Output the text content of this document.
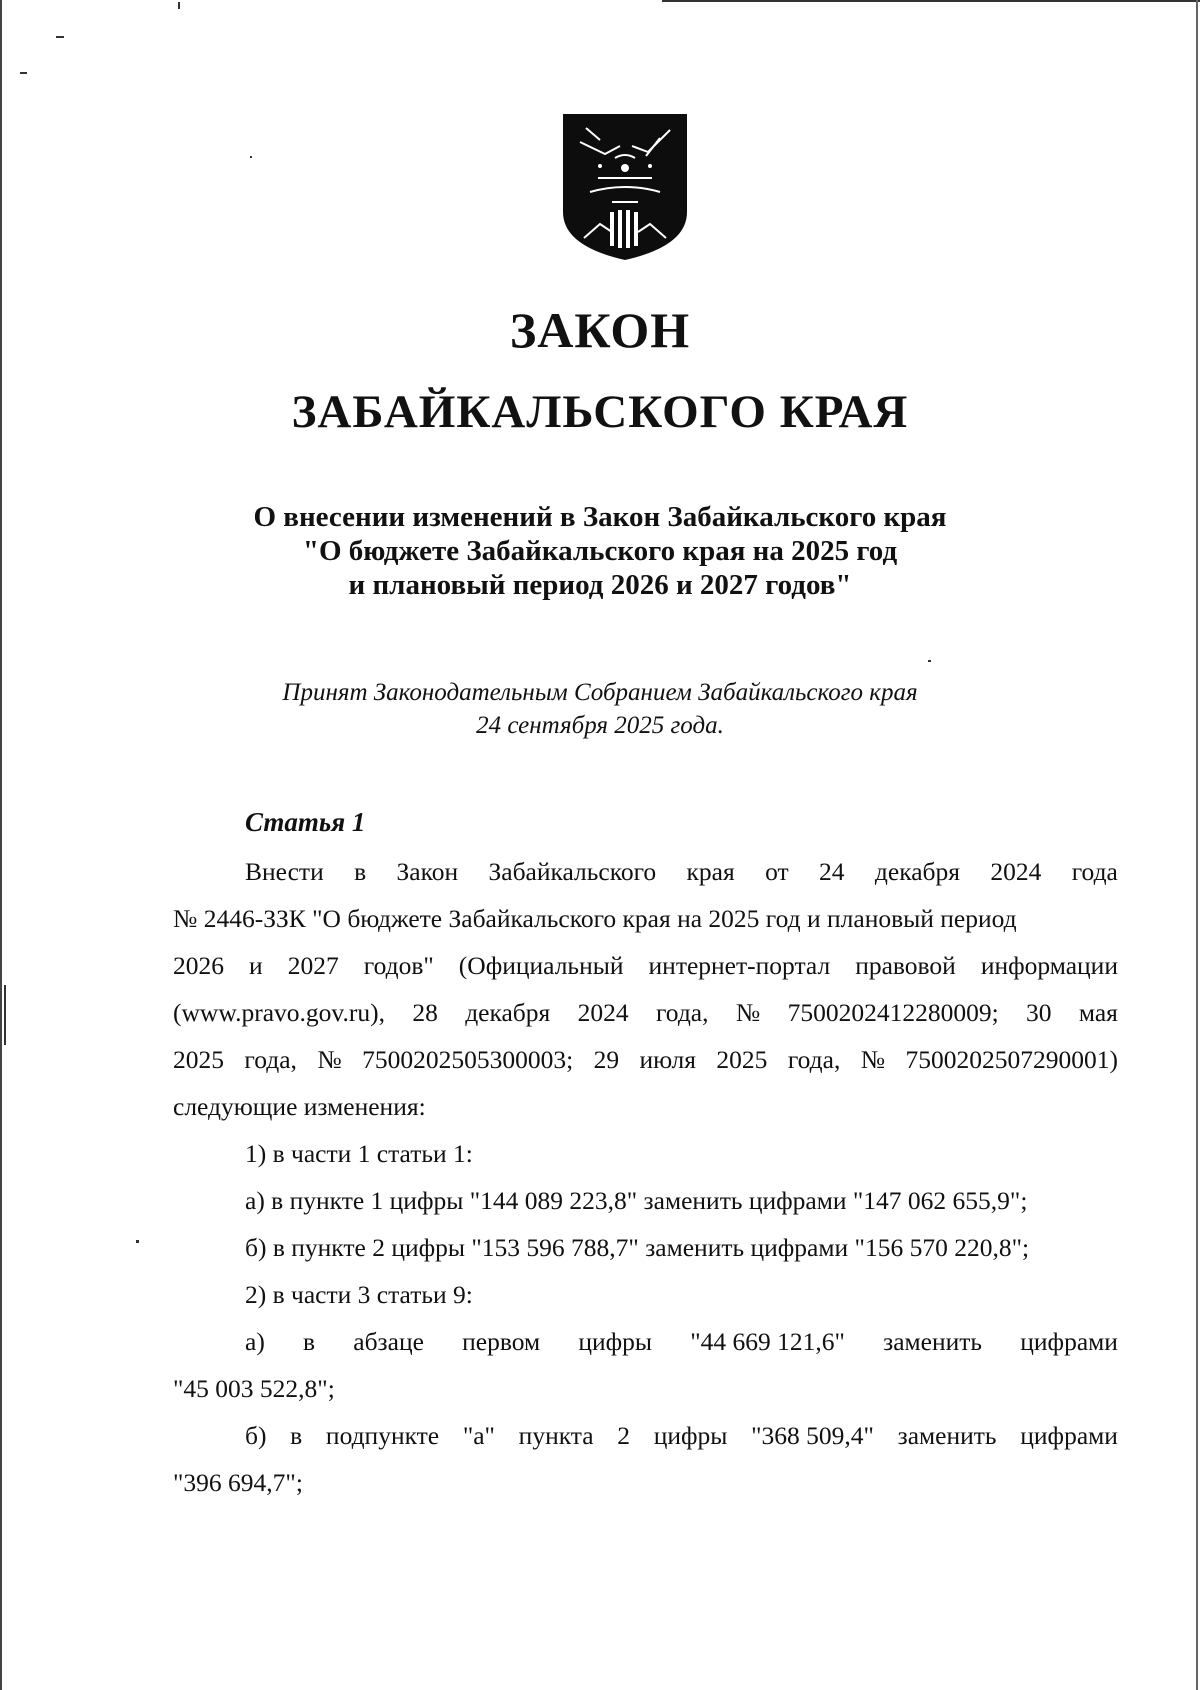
ЗАКОН
ЗАБАЙКАЛЬСКОГО КРАЯ
О внесении изменений в Закон Забайкальского края
"О бюджете Забайкальского края на 2025 год
и плановый период 2026 и 2027 годов"
Принят Законодательным Собранием Забайкальского края
24 сентября 2025 года.
Статья 1
Внести в Закон Забайкальского края от 24 декабря 2024 года
№ 2446-ЗЗК "О бюджете Забайкальского края на 2025 год и плановый период
2026 и 2027 годов" (Официальный интернет-портал правовой информации
(www.pravo.gov.ru), 28 декабря 2024 года, № 7500202412280009; 30 мая
2025 года, № 7500202505300003; 29 июля 2025 года, № 7500202507290001)
следующие изменения:
1) в части 1 статьи 1:
а) в пункте 1 цифры "144 089 223,8" заменить цифрами "147 062 655,9";
б) в пункте 2 цифры "153 596 788,7" заменить цифрами "156 570 220,8";
2) в части 3 статьи 9:
а) в абзаце первом цифры "44 669 121,6" заменить цифрами
"45 003 522,8";
б) в подпункте "а" пункта 2 цифры "368 509,4" заменить цифрами
"396 694,7";
